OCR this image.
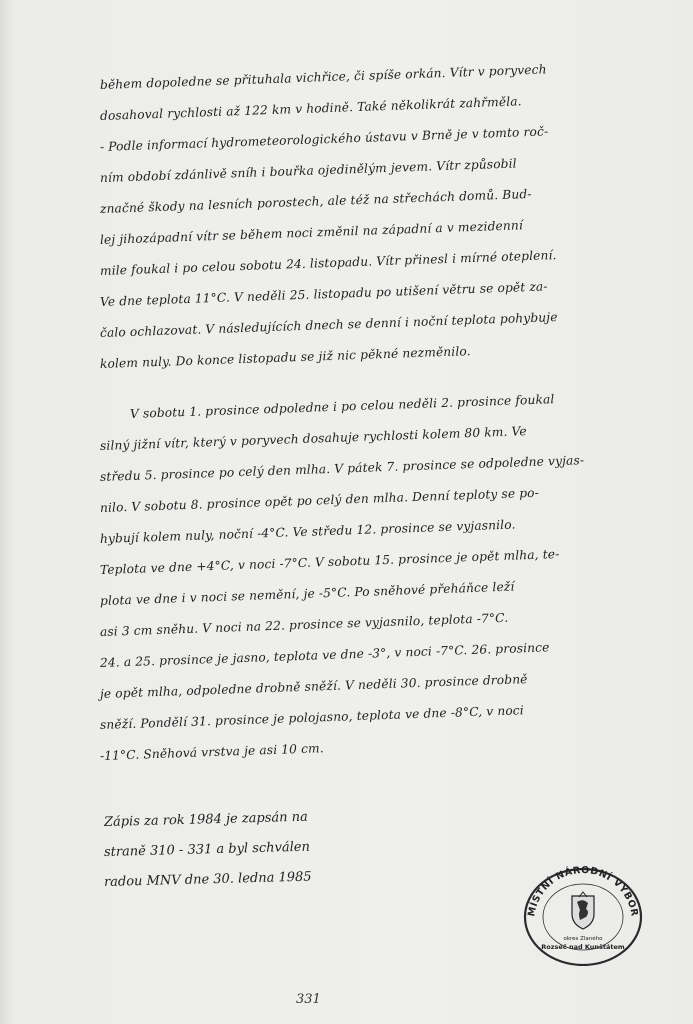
během dopoledne se přituhala vichřice, či spíše orkán. Vítr v poryvech
dosahoval rychlosti až 122 km v hodině. Také několikrát zahřměla.
- Podle informací hydrometeorologického ústavu v Brně je v tomto roč-
ním období zdánlivě sníh i bouřka ojedinělým jevem. Vítr způsobil
značné škody na lesních porostech, ale též na střechách domů. Bud-
lej jihozápadní vítr se během noci změnil na západní a v mezidenní
mile foukal i po celou sobotu 24. listopadu. Vítr přinesl i mírné oteplení.
Ve dne teplota 11°C. V neděli 25. listopadu po utišení větru se opět za-
čalo ochlazovat. V následujících dnech se denní i noční teplota pohybuje
kolem nuly. Do konce listopadu se již nic pěkné nezměnilo.
V sobotu 1. prosince odpoledne i po celou neděli 2. prosince foukal
silný jižní vítr, který v poryvech dosahuje rychlosti kolem 80 km. Ve
středu 5. prosince po celý den mlha. V pátek 7. prosince se odpoledne vyjas-
nilo. V sobotu 8. prosince opět po celý den mlha. Denní teploty se po-
hybují kolem nuly, noční -4°C. Ve středu 12. prosince se vyjasnilo.
Teplota ve dne +4°C, v noci -7°C. V sobotu 15. prosince je opět mlha, te-
plota ve dne i v noci se nemění, je -5°C. Po sněhové přeháňce leží
asi 3 cm sněhu. V noci na 22. prosince se vyjasnilo, teplota -7°C.
24. a 25. prosince je jasno, teplota ve dne -3°, v noci -7°C. 26. prosince
je opět mlha, odpoledne drobně sněží. V neděli 30. prosince drobně
sněží. Pondělí 31. prosince je polojasno, teplota ve dne -8°C, v noci
-11°C. Sněhová vrstva je asi 10 cm.
Zápis za rok 1984 je zapsán na
straně 310 - 331 a byl schválen
radou MNV dne 30. ledna 1985
MÍSTNÍ NÁRODNÍ VÝBOR
okres Zlaného
Rozseč nad Kunštátem
331
